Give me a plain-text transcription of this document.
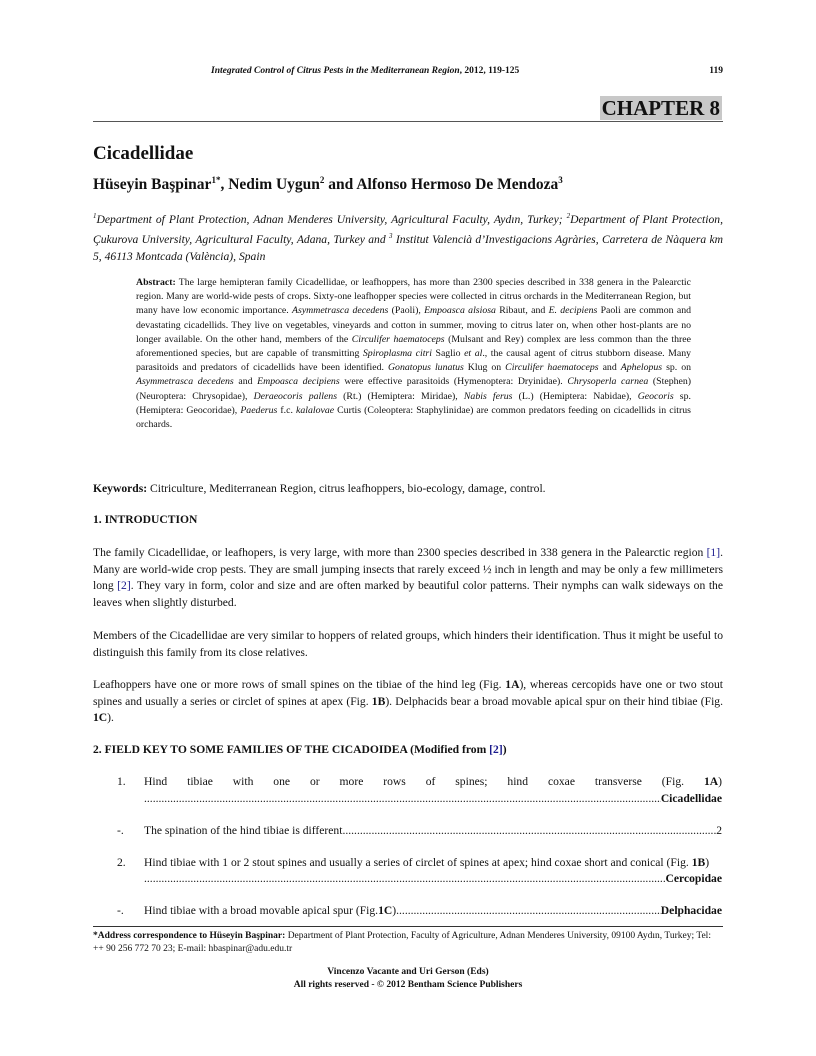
Integrated Control of Citrus Pests in the Mediterranean Region, 2012, 119-125	119
CHAPTER 8
Cicadellidae
Hüseyin Başpinar$^{1*}$, Nedim Uygun$^2$ and Alfonso Hermoso De Mendoza$^3$
$^1$Department of Plant Protection, Adnan Menderes University, Agricultural Faculty, Aydın, Turkey; $^2$Department of Plant Protection, Çukurova University, Agricultural Faculty, Adana, Turkey and $^3$ Institut Valencià d’Investigacions Agràries, Carretera de Nàquera km 5, 46113 Montcada (València), Spain
Abstract: The large hemipteran family Cicadellidae, or leafhoppers, has more than 2300 species described in 338 genera in the Palearctic region. Many are world-wide pests of crops. Sixty-one leafhopper species were collected in citrus orchards in the Mediterranean Region, but many have low economic importance. Asymmetrasca decedens (Paoli), Empoasca alsiosa Ribaut, and E. decipiens Paoli are common and devastating cicadellids. They live on vegetables, vineyards and cotton in summer, moving to citrus later on, when other host-plants are no longer available. On the other hand, members of the Circulifer haematoceps (Mulsant and Rey) complex are less common than the three aforementioned species, but are capable of transmitting Spiroplasma citri Saglio et al., the causal agent of citrus stubborn disease. Many parasitoids and predators of cicadellids have been identified. Gonatopus lunatus Klug on Circulifer haematoceps and Aphelopus sp. on Asymmetrasca decedens and Empoasca decipiens were effective parasitoids (Hymenoptera: Dryinidae). Chrysoperla carnea (Stephen) (Neuroptera: Chrysopidae), Deraeocoris pallens (Rt.) (Hemiptera: Miridae), Nabis ferus (L.) (Hemiptera: Nabidae), Geocoris sp. (Hemiptera: Geocoridae), Paederus f.c. kalalovae Curtis (Coleoptera: Staphylinidae) are common predators feeding on cicadellids in citrus orchards.
Keywords: Citriculture, Mediterranean Region, citrus leafhoppers, bio-ecology, damage, control.
1. INTRODUCTION
The family Cicadellidae, or leafhopers, is very large, with more than 2300 species described in 338 genera in the Palearctic region [1]. Many are world-wide crop pests. They are small jumping insects that rarely exceed ½ inch in length and may be only a few millimeters long [2]. They vary in form, color and size and are often marked by beautiful color patterns. Their nymphs can walk sideways on the leaves when slightly disturbed.
Members of the Cicadellidae are very similar to hoppers of related groups, which hinders their identification. Thus it might be useful to distinguish this family from its close relatives.
Leafhoppers have one or more rows of small spines on the tibiae of the hind leg (Fig. 1A), whereas cercopids have one or two stout spines and usually a series or circlet of spines at apex (Fig. 1B). Delphacids bear a broad movable apical spur on their hind tibiae (Fig. 1C).
2. FIELD KEY TO SOME FAMILIES OF THE CICADOIDEA (Modified from [2])
1. Hind tibiae with one or more rows of spines; hind coxae transverse (Fig. 1A)
.....
Cicadellidae
-. The spination of the hind tibiae is different .....	2
2. Hind tibiae with 1 or 2 stout spines and usually a series of circlet of spines at apex; hind coxae short and conical (Fig. 1B)
.....
Cercopidae
-. Hind tibiae with a broad movable apical spur (Fig. 1C ) .....	Delphacidae
*Address correspondence to Hüseyin Başpinar: Department of Plant Protection, Faculty of Agriculture, Adnan Menderes University, 09100 Aydın, Turkey; Tel: ++ 90 256 772 70 23; E-mail: hbaspinar@adu.edu.tr
Vincenzo Vacante and Uri Gerson (Eds)
All rights reserved - © 2012 Bentham Science Publishers
